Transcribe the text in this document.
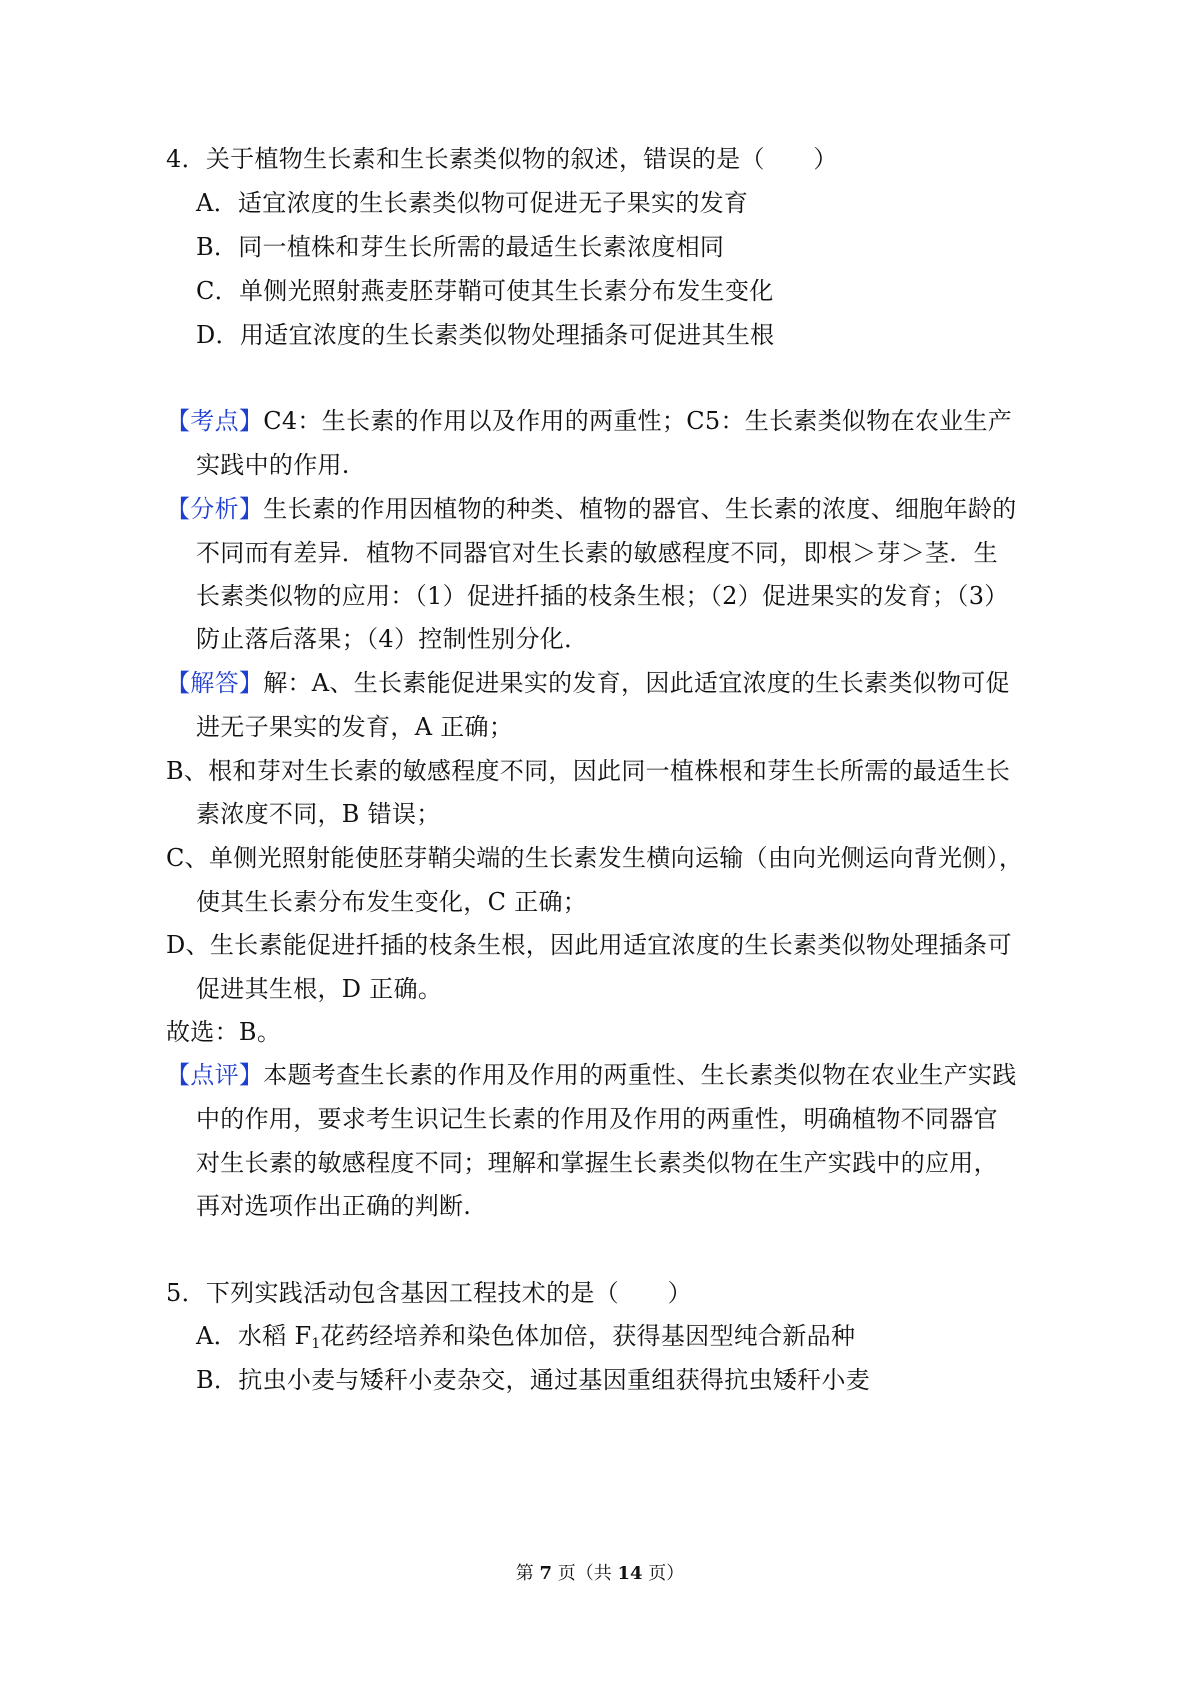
4．关于植物生长素和生长素类似物的叙述，错误的是（　　）
A．适宜浓度的生长素类似物可促进无子果实的发育
B．同一植株和芽生长所需的最适生长素浓度相同
C．单侧光照射燕麦胚芽鞘可使其生长素分布发生变化
D．用适宜浓度的生长素类似物处理插条可促进其生根
【考点】C4：生长素的作用以及作用的两重性；C5：生长素类似物在农业生产
实践中的作用.
【分析】生长素的作用因植物的种类、植物的器官、生长素的浓度、细胞年龄的
不同而有差异．植物不同器官对生长素的敏感程度不同，即根＞芽＞茎．生
长素类似物的应用：（1）促进扦插的枝条生根；（2）促进果实的发育；（3）
防止落后落果；（4）控制性别分化．
【解答】解：A、生长素能促进果实的发育，因此适宜浓度的生长素类似物可促
进无子果实的发育，A 正确；
B、根和芽对生长素的敏感程度不同，因此同一植株根和芽生长所需的最适生长
素浓度不同，B 错误；
C、单侧光照射能使胚芽鞘尖端的生长素发生横向运输（由向光侧运向背光侧），
使其生长素分布发生变化，C 正确；
D、生长素能促进扦插的枝条生根，因此用适宜浓度的生长素类似物处理插条可
促进其生根，D 正确。
故选：B。
【点评】本题考查生长素的作用及作用的两重性、生长素类似物在农业生产实践
中的作用，要求考生识记生长素的作用及作用的两重性，明确植物不同器官
对生长素的敏感程度不同；理解和掌握生长素类似物在生产实践中的应用，
再对选项作出正确的判断.
5．下列实践活动包含基因工程技术的是（　　）
A．水稻 $F_1$花药经培养和染色体加倍，获得基因型纯合新品种
B．抗虫小麦与矮秆小麦杂交，通过基因重组获得抗虫矮秆小麦
第 7 页（共 14 页）
